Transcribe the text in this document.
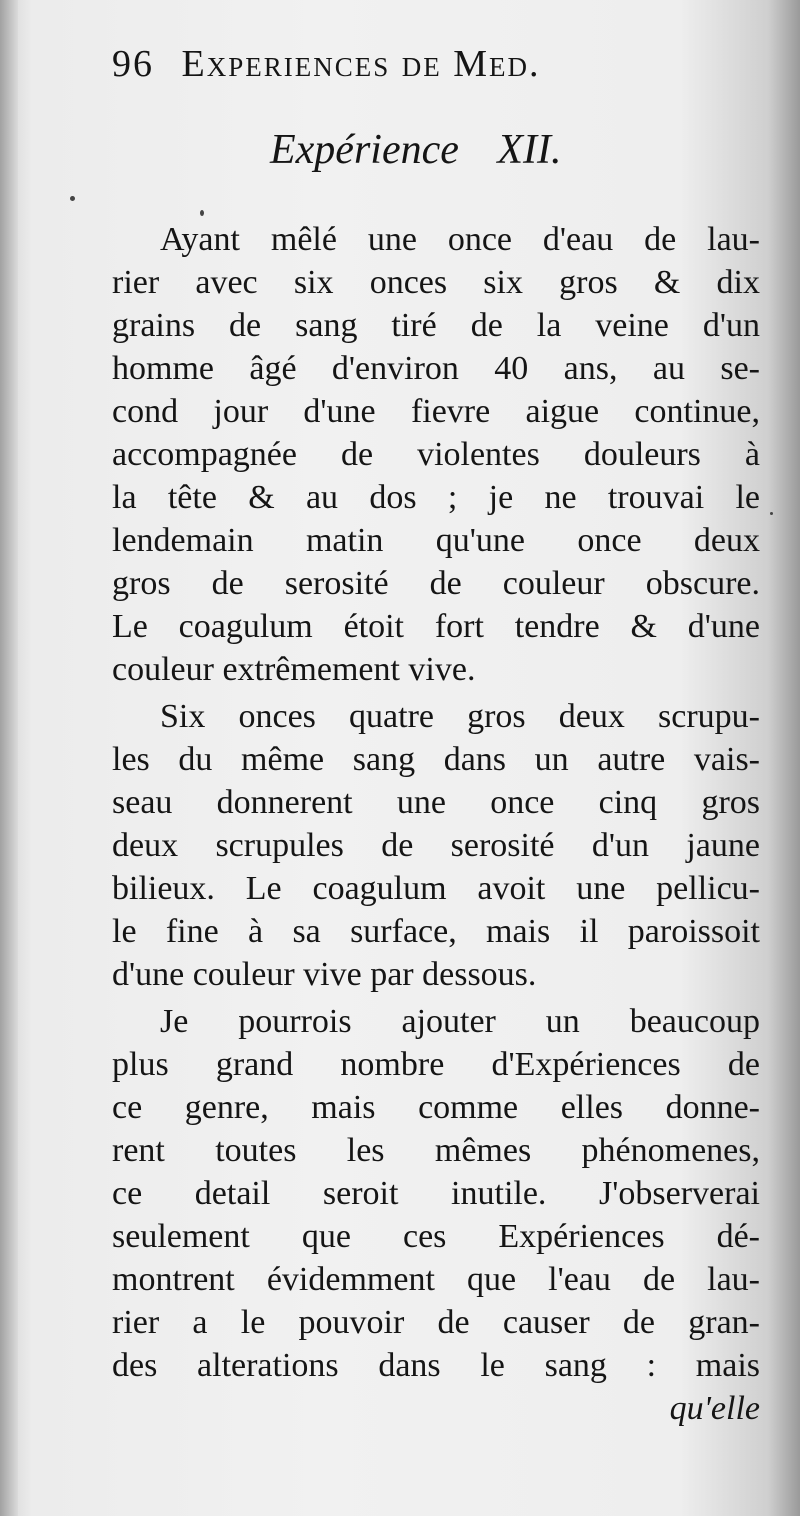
96 Experiences de Med.
Expérience XII.
Ayant mêlé une once d'eau de lau-
rier avec six onces six gros & dix
grains de sang tiré de la veine d'un
homme âgé d'environ 40 ans, au se-
cond jour d'une fievre aigue continue,
accompagnée de violentes douleurs à
la tête & au dos ; je ne trouvai le
lendemain matin qu'une once deux
gros de serosité de couleur obscure.
Le coagulum étoit fort tendre & d'une
couleur extrêmement vive.
Six onces quatre gros deux scrupu-
les du même sang dans un autre vais-
seau donnerent une once cinq gros
deux scrupules de serosité d'un jaune
bilieux. Le coagulum avoit une pellicu-
le fine à sa surface, mais il paroissoit
d'une couleur vive par dessous.
Je pourrois ajouter un beaucoup
plus grand nombre d'Expériences de
ce genre, mais comme elles donne-
rent toutes les mêmes phénomenes,
ce detail seroit inutile. J'observerai
seulement que ces Expériences dé-
montrent évidemment que l'eau de lau-
rier a le pouvoir de causer de gran-
des alterations dans le sang : mais
qu'elle
